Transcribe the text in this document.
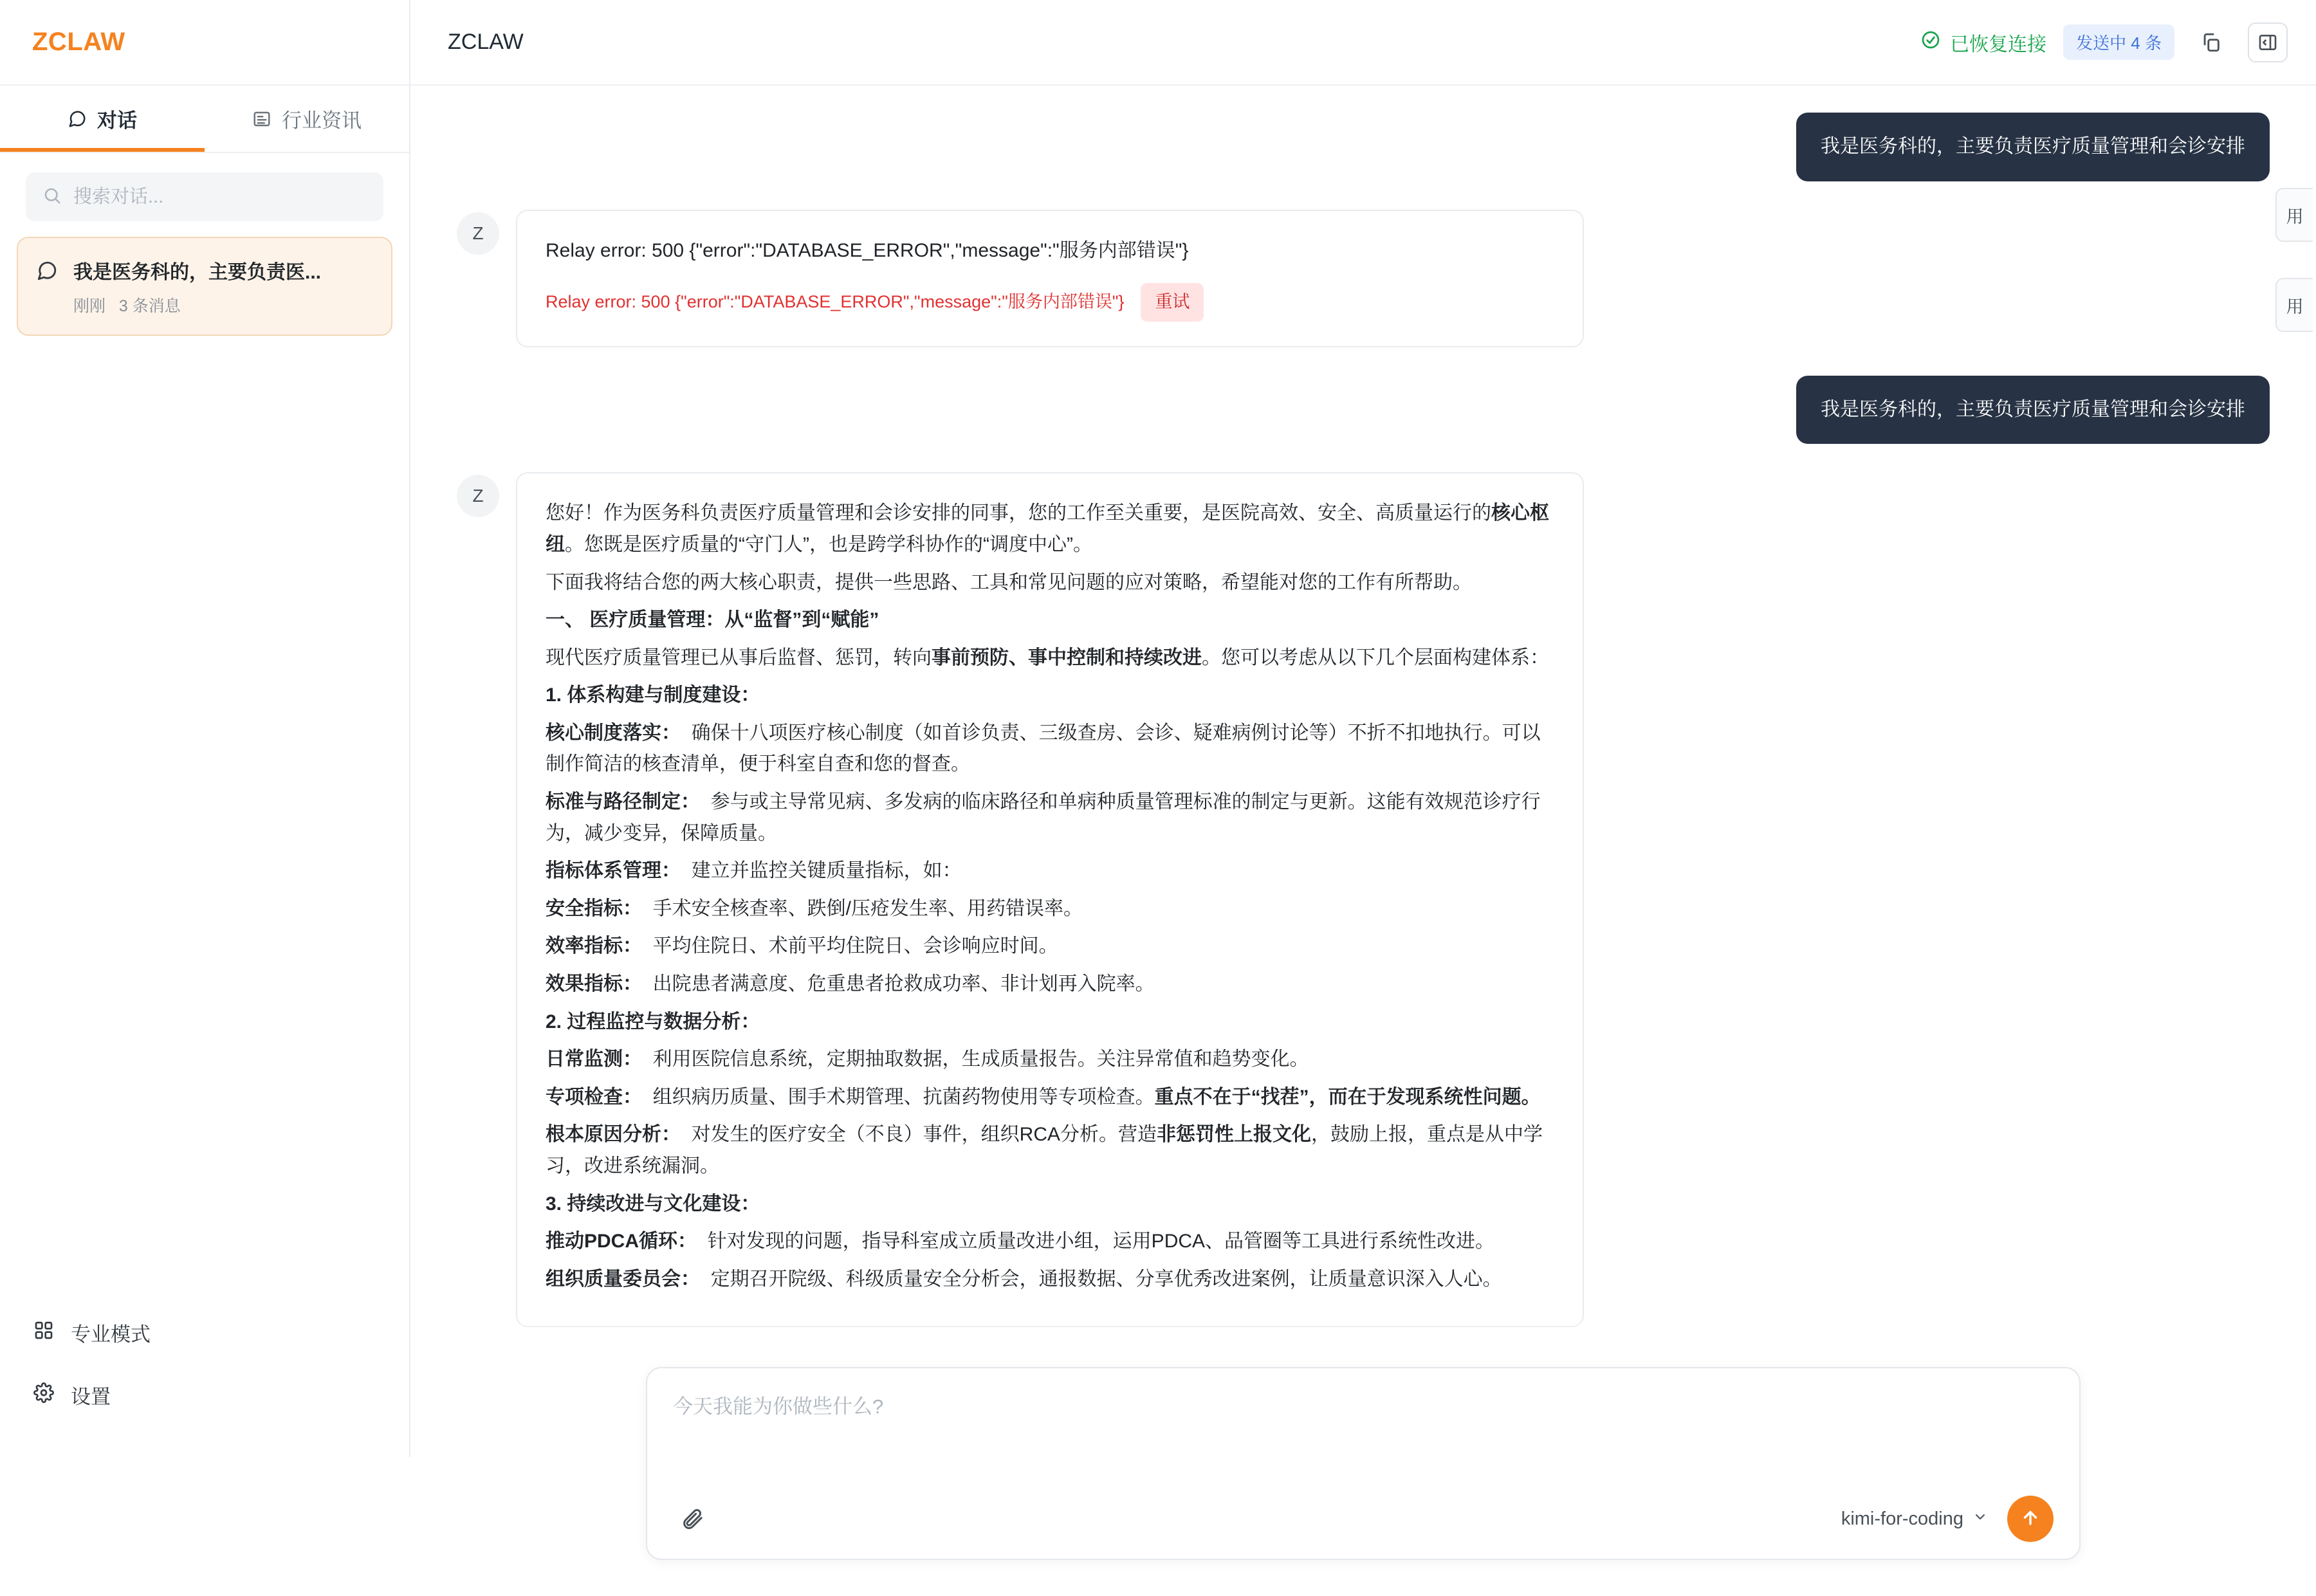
ZCLAW
对话	行业资讯
搜索对话...
我是医务科的，主要负责医...
刚刚 3 条消息
专业模式
设置
ZCLAW	已恢复连接	发送中 4 条
我是医务科的，主要负责医疗质量管理和会诊安排
Z
Relay error: 500 {"error":"DATABASE_ERROR","message":"服务内部错误"}
Relay error: 500 {"error":"DATABASE_ERROR","message":"服务内部错误"}	重试
我是医务科的，主要负责医疗质量管理和会诊安排
Z

您好！作为医务科负责医疗质量管理和会诊安排的同事，您的工作至关重要，是医院高效、安全、高质量运行的核心枢纽。您既是医疗质量的“守门人”，也是跨学科协作的“调度中心”。

下面我将结合您的两大核心职责，提供一些思路、工具和常见问题的应对策略，希望能对您的工作有所帮助。

一、 医疗质量管理：从“监督”到“赋能”

现代医疗质量管理已从事后监督、惩罚，转向事前预防、事中控制和持续改进。您可以考虑从以下几个层面构建体系：

1. 体系构建与制度建设：

核心制度落实： 确保十八项医疗核心制度（如首诊负责、三级查房、会诊、疑难病例讨论等）不折不扣地执行。可以制作简洁的核查清单，便于科室自查和您的督查。

标准与路径制定： 参与或主导常见病、多发病的临床路径和单病种质量管理标准的制定与更新。这能有效规范诊疗行为，减少变异，保障质量。

指标体系管理： 建立并监控关键质量指标，如：

安全指标： 手术安全核查率、跌倒/压疮发生率、用药错误率。

效率指标： 平均住院日、术前平均住院日、会诊响应时间。

效果指标： 出院患者满意度、危重患者抢救成功率、非计划再入院率。

2. 过程监控与数据分析：

日常监测： 利用医院信息系统，定期抽取数据，生成质量报告。关注异常值和趋势变化。

专项检查： 组织病历质量、围手术期管理、抗菌药物使用等专项检查。重点不在于“找茬”，而在于发现系统性问题。

根本原因分析： 对发生的医疗安全（不良）事件，组织RCA分析。营造非惩罚性上报文化，鼓励上报，重点是从中学习，改进系统漏洞。

3. 持续改进与文化建设：

推动PDCA循环： 针对发现的问题，指导科室成立质量改进小组，运用PDCA、品管圈等工具进行系统性改进。

组织质量委员会： 定期召开院级、科级质量安全分析会，通报数据、分享优秀改进案例，让质量意识深入人心。

用
用
今天我能为你做些什么?
kimi-for-coding
